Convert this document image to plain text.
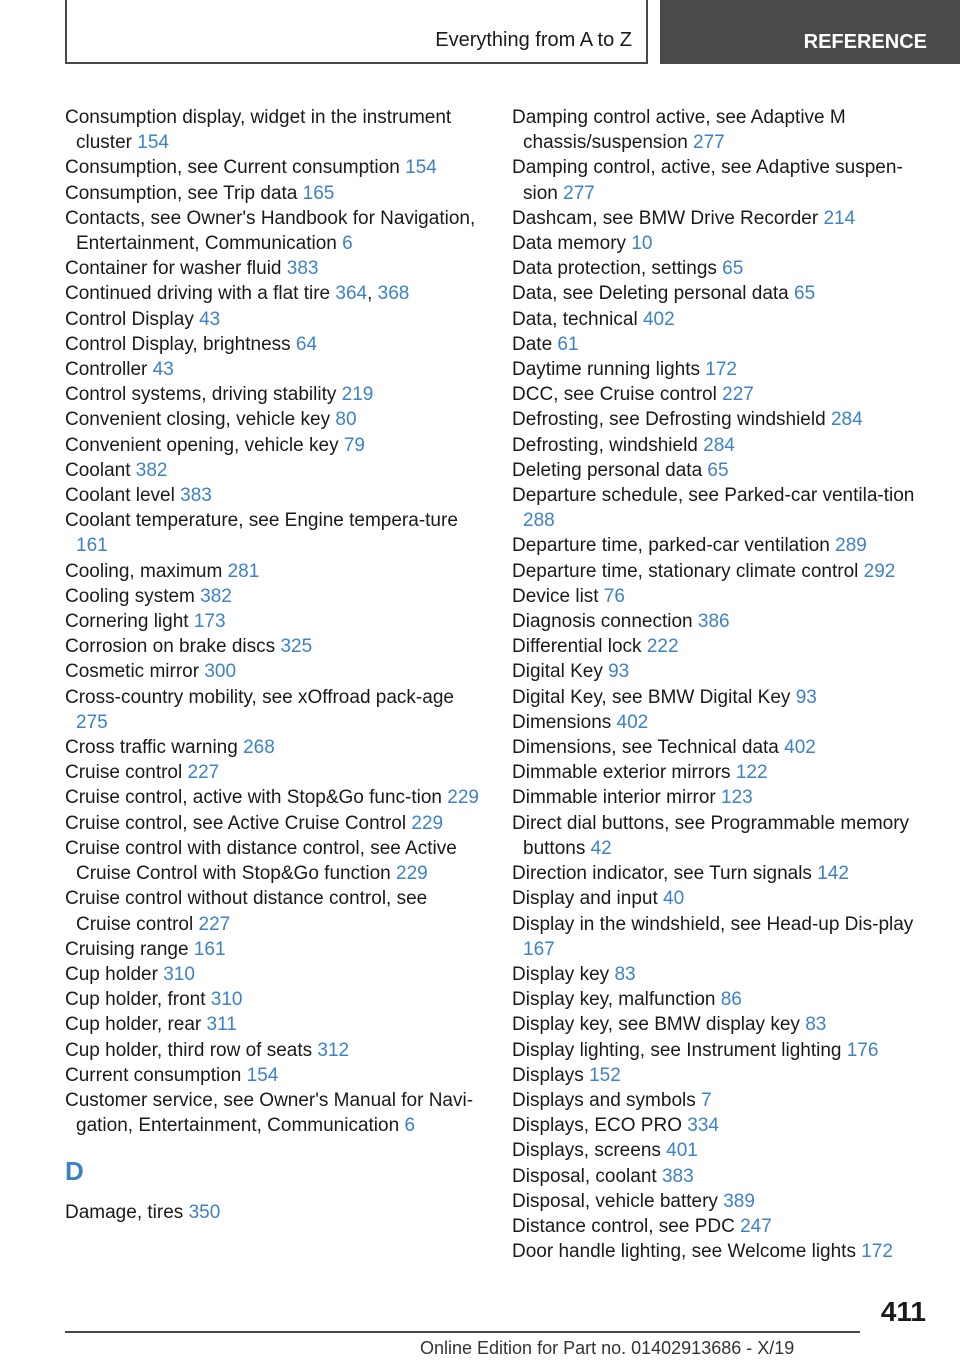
Everything from A to Z	REFERENCE
Consumption display, widget in the instrument cluster 154
Consumption, see Current consumption 154
Consumption, see Trip data 165
Contacts, see Owner's Handbook for Navigation, Entertainment, Communication 6
Container for washer fluid 383
Continued driving with a flat tire 364, 368
Control Display 43
Control Display, brightness 64
Controller 43
Control systems, driving stability 219
Convenient closing, vehicle key 80
Convenient opening, vehicle key 79
Coolant 382
Coolant level 383
Coolant temperature, see Engine tempera-ture 161
Cooling, maximum 281
Cooling system 382
Cornering light 173
Corrosion on brake discs 325
Cosmetic mirror 300
Cross-country mobility, see xOffroad pack-age 275
Cross traffic warning 268
Cruise control 227
Cruise control, active with Stop&Go func-tion 229
Cruise control, see Active Cruise Control 229
Cruise control with distance control, see Active Cruise Control with Stop&Go function 229
Cruise control without distance control, see Cruise control 227
Cruising range 161
Cup holder 310
Cup holder, front 310
Cup holder, rear 311
Cup holder, third row of seats 312
Current consumption 154
Customer service, see Owner's Manual for Navi-gation, Entertainment, Communication 6
D
Damage, tires 350
Damping control active, see Adaptive M chassis/suspension 277
Damping control, active, see Adaptive suspen-sion 277
Dashcam, see BMW Drive Recorder 214
Data memory 10
Data protection, settings 65
Data, see Deleting personal data 65
Data, technical 402
Date 61
Daytime running lights 172
DCC, see Cruise control 227
Defrosting, see Defrosting windshield 284
Defrosting, windshield 284
Deleting personal data 65
Departure schedule, see Parked-car ventila-tion 288
Departure time, parked-car ventilation 289
Departure time, stationary climate control 292
Device list 76
Diagnosis connection 386
Differential lock 222
Digital Key 93
Digital Key, see BMW Digital Key 93
Dimensions 402
Dimensions, see Technical data 402
Dimmable exterior mirrors 122
Dimmable interior mirror 123
Direct dial buttons, see Programmable memory buttons 42
Direction indicator, see Turn signals 142
Display and input 40
Display in the windshield, see Head-up Dis-play 167
Display key 83
Display key, malfunction 86
Display key, see BMW display key 83
Display lighting, see Instrument lighting 176
Displays 152
Displays and symbols 7
Displays, ECO PRO 334
Displays, screens 401
Disposal, coolant 383
Disposal, vehicle battery 389
Distance control, see PDC 247
Door handle lighting, see Welcome lights 172
411
Online Edition for Part no. 01402913686 - X/19
